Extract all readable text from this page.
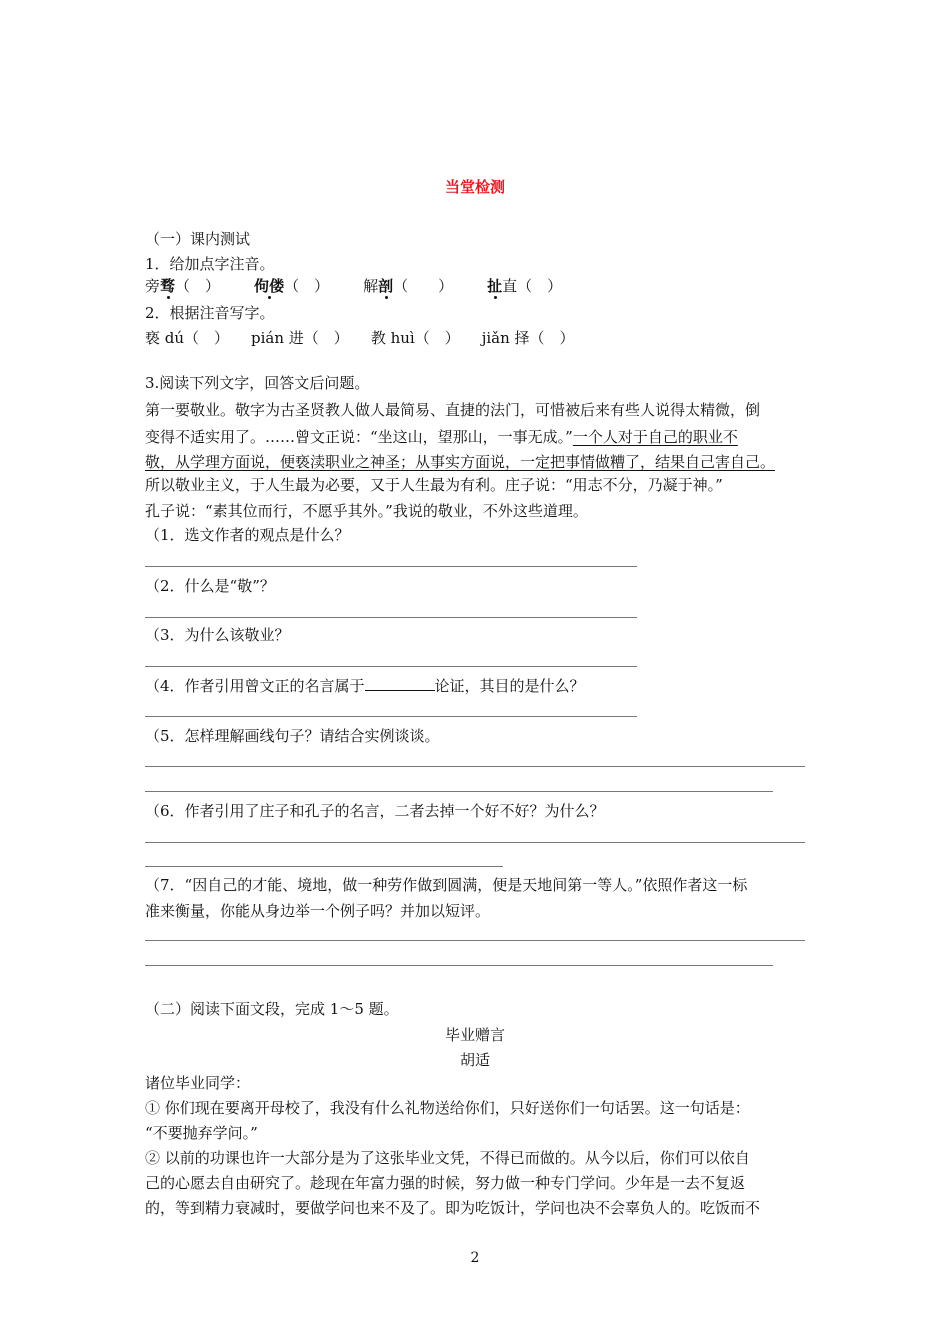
当堂检测
（一）课内测试
1．给加点字注音。
旁骛（　） 佝偻（　） 解剖（　　） 扯直（　）
2．根据注音写字。
亵 dú（　） pián 进（　） 教 huì（　） jiǎn 择（　）
3.阅读下列文字，回答文后问题。
第一要敬业。敬字为古圣贤教人做人最简易、直捷的法门，可惜被后来有些人说得太精微，倒
变得不适实用了。……曾文正说：“坐这山，望那山，一事无成。”一个人对于自己的职业不
敬，从学理方面说，便亵渎职业之神圣；从事实方面说，一定把事情做糟了，结果自己害自己。
所以敬业主义，于人生最为必要，又于人生最为有利。庄子说：“用志不分，乃凝于神。”
孔子说：“素其位而行，不愿乎其外。”我说的敬业，不外这些道理。
（1．选文作者的观点是什么？
（2．什么是“敬”？
（3．为什么该敬业？
（4．作者引用曾文正的名言属于	论证，其目的是什么？
（5．怎样理解画线句子？请结合实例谈谈。
（6．作者引用了庄子和孔子的名言，二者去掉一个好不好？为什么？
（7．“因自己的才能、境地，做一种劳作做到圆满，便是天地间第一等人。”依照作者这一标
准来衡量，你能从身边举一个例子吗？并加以短评。
（二）阅读下面文段，完成 1～5 题。
毕业赠言
胡适
诸位毕业同学：
① 你们现在要离开母校了，我没有什么礼物送给你们，只好送你们一句话罢。这一句话是：
“不要抛弃学问。”
② 以前的功课也许一大部分是为了这张毕业文凭，不得已而做的。从今以后，你们可以依自
己的心愿去自由研究了。趁现在年富力强的时候，努力做一种专门学问。少年是一去不复返
的，等到精力衰减时，要做学问也来不及了。即为吃饭计，学问也决不会辜负人的。吃饭而不
2
